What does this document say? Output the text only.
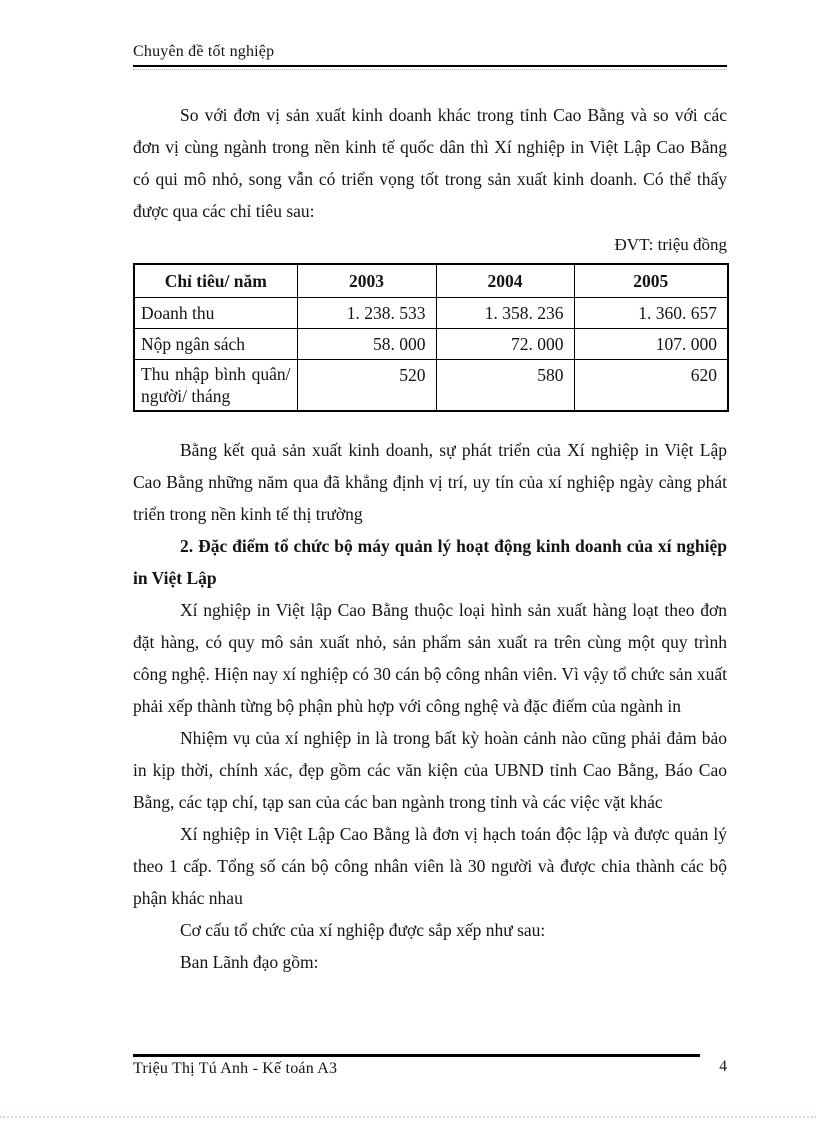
Chuyên đề tốt nghiệp

So với đơn vị sản xuất kinh doanh khác trong tỉnh Cao Bằng và so với các đơn vị cùng ngành trong nền kinh tế quốc dân thì Xí nghiệp in Việt Lập Cao Bằng có qui mô nhỏ, song vẫn có triển vọng tốt trong sản xuất kinh doanh. Có thể thấy được qua các chỉ tiêu sau:

ĐVT: triệu đồng

Chỉ tiêu/ năm	2003	2004	2005
Doanh thu	1. 238. 533	1. 358. 236	1. 360. 657
Nộp ngân sách	58. 000	72. 000	107. 000
Thu nhập bình quân/ người/ tháng	520	580	620

Bằng kết quả sản xuất kinh doanh, sự phát triển của Xí nghiệp in Việt Lập Cao Bằng những năm qua đã khẳng định vị trí, uy tín của xí nghiệp ngày càng phát triển trong nền kinh tế thị trường

2. Đặc điểm tổ chức bộ máy quản lý hoạt động kinh doanh của xí nghiệp in Việt Lập

Xí nghiệp in Việt lập Cao Bằng thuộc loại hình sản xuất hàng loạt theo đơn đặt hàng, có quy mô sản xuất nhỏ, sản phẩm sản xuất ra trên cùng một quy trình công nghệ. Hiện nay xí nghiệp có 30 cán bộ công nhân viên. Vì vậy tổ chức sản xuất phải xếp thành từng bộ phận phù hợp với công nghệ và đặc điểm của ngành in

Nhiệm vụ của xí nghiệp in là trong bất kỳ hoàn cảnh nào cũng phải đảm bảo in kịp thời, chính xác, đẹp gồm các văn kiện của UBND tỉnh Cao Bằng, Báo Cao Bằng, các tạp chí, tạp san của các ban ngành trong tỉnh và các việc vặt khác

Xí nghiệp in Việt Lập Cao Bằng là đơn vị hạch toán độc lập và được quản lý theo 1 cấp. Tổng số cán bộ công nhân viên là 30 người và được chia thành các bộ phận khác nhau

Cơ cấu tổ chức của xí nghiệp được sắp xếp như sau:

Ban Lãnh đạo gồm:

Triệu Thị Tú Anh - Kế toán A3	4
